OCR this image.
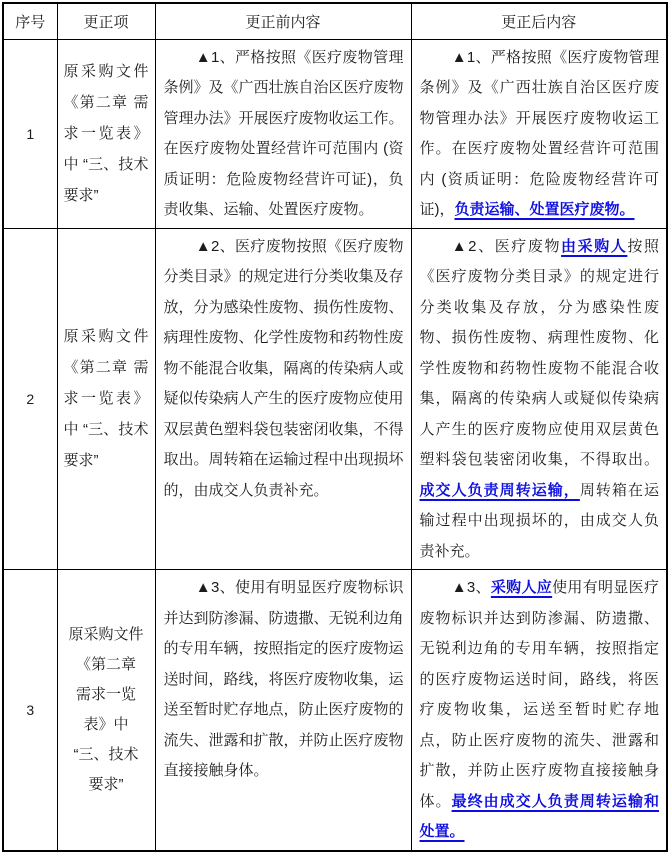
序号	更正项	更正前内容	更正后内容
1	原采购文件《第二章 需求一览表》中 “三、技术要求”	▲1、严格按照《医疗废物管理条例》及《广西壮族自治区医疗废物管理办法》开展医疗废物收运工作。在医疗废物处置经营许可范围内 (资质证明：危险废物经营许可证)，负责收集、运输、处置医疗废物。	▲1、严格按照《医疗废物管理条例》及《广西壮族自治区医疗废物管理办法》开展医疗废物收运工作。在医疗废物处置经营许可范围内 (资质证明：危险废物经营许可证)，负责运输、处置医疗废物。

2	原采购文件《第二章 需求一览表》中 “三、技术要求”	▲2、医疗废物按照《医疗废物分类目录》的规定进行分类收集及存放，分为感染性废物、损伤性废物、病理性废物、化学性废物和药物性废物不能混合收集，隔离的传染病人或疑似传染病人产生的医疗废物应使用双层黄色塑料袋包装密闭收集，不得取出。周转箱在运输过程中出现损坏的，由成交人负责补充。	▲2、医疗废物由采购人按照《医疗废物分类目录》的规定进行分类收集及存放，分为感染性废物、损伤性废物、病理性废物、化学性废物和药物性废物不能混合收集，隔离的传染病人或疑似传染病人产生的医疗废物应使用双层黄色塑料袋包装密闭收集，不得取出。成交人负责周转运输，周转箱在运输过程中出现损坏的，由成交人负责补充。

3	原采购文件 《第二章 需求一览表》中 “三、技术要求”	▲3、使用有明显医疗废物标识并达到防渗漏、防遗撒、无锐利边角的专用车辆，按照指定的医疗废物运送时间，路线，将医疗废物收集，运送至暂时贮存地点，防止医疗废物的流失、泄露和扩散，并防止医疗废物直接接触身体。	▲3、采购人应使用有明显医疗废物标识并达到防渗漏、防遗撒、无锐利边角的专用车辆，按照指定的医疗废物运送时间，路线，将医疗废物收集，运送至暂时贮存地点，防止医疗废物的流失、泄露和扩散，并防止医疗废物直接接触身体。最终由成交人负责周转运输和处置。
